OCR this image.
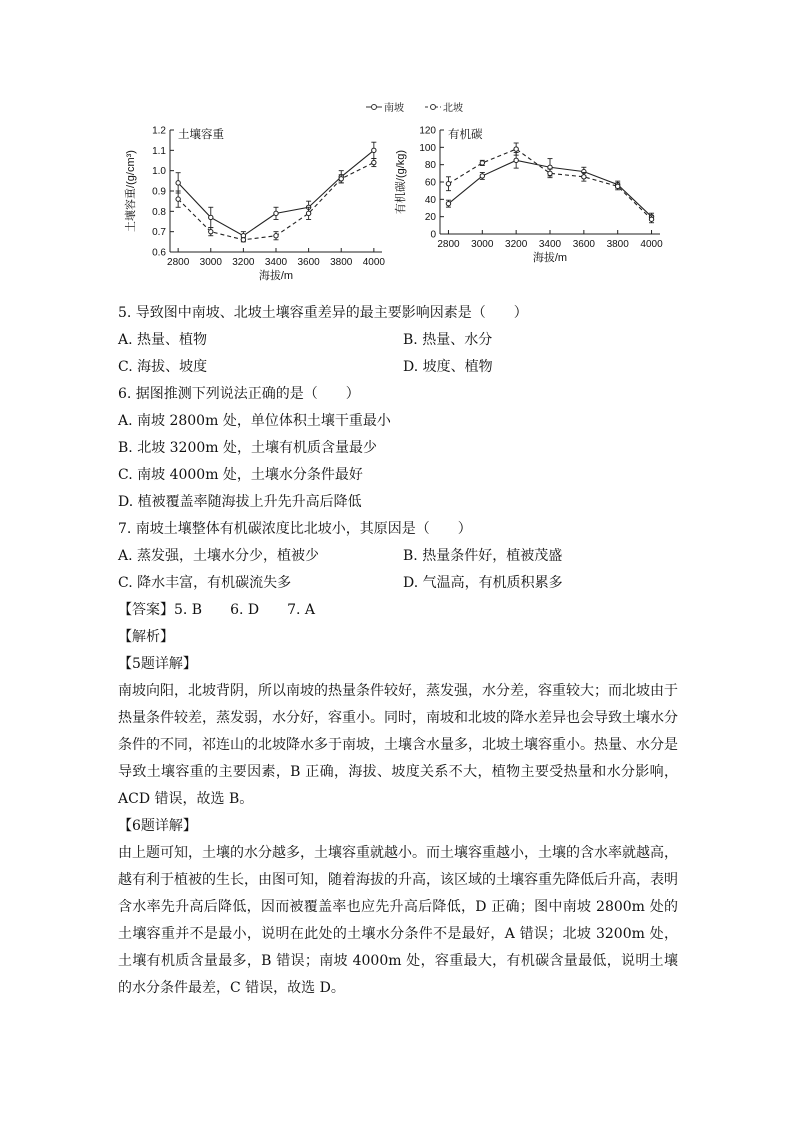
南坡	北坡
0.6
0.7
0.8
0.9
1.0
1.1
1.2
2800 3000 3200 3400 3600 3800 4000
土壤容重
海拔/m
土壤容重/(g/cm³)
0
20
40
60
80
100
120
2800 3000 3200 3400 3600 3800 4000
有机碳
海拔/m
有机碳/(g/kg)

5. 导致图中南坡、北坡土壤容重差异的最主要影响因素是（　　）

A. 热量、植物	B. 热量、水分
C. 海拔、坡度	D. 坡度、植物

6. 据图推测下列说法正确的是（　　）

A. 南坡 2800m 处，单位体积土壤干重最小

B. 北坡 3200m 处，土壤有机质含量最少

C. 南坡 4000m 处，土壤水分条件最好

D. 植被覆盖率随海拔上升先升高后降低

7. 南坡土壤整体有机碳浓度比北坡小，其原因是（　　）

A. 蒸发强，土壤水分少，植被少	B. 热量条件好，植被茂盛
C. 降水丰富，有机碳流失多	D. 气温高，有机质积累多

【答案】5. B　　6. D　　7. A

【解析】

【5题详解】

南坡向阳，北坡背阴，所以南坡的热量条件较好，蒸发强，水分差，容重较大；而北坡由于热量条件较差，蒸发弱，水分好，容重小。同时，南坡和北坡的降水差异也会导致土壤水分条件的不同，祁连山的北坡降水多于南坡，土壤含水量多，北坡土壤容重小。热量、水分是导致土壤容重的主要因素，B 正确，海拔、坡度关系不大，植物主要受热量和水分影响，ACD 错误，故选 B。

【6题详解】

由上题可知，土壤的水分越多，土壤容重就越小。而土壤容重越小，土壤的含水率就越高，越有利于植被的生长，由图可知，随着海拔的升高，该区域的土壤容重先降低后升高，表明含水率先升高后降低，因而被覆盖率也应先升高后降低，D 正确；图中南坡 2800m 处的土壤容重并不是最小，说明在此处的土壤水分条件不是最好，A 错误；北坡 3200m 处，土壤有机质含量最多，B 错误；南坡 4000m 处，容重最大，有机碳含量最低，说明土壤的水分条件最差，C 错误，故选 D。
